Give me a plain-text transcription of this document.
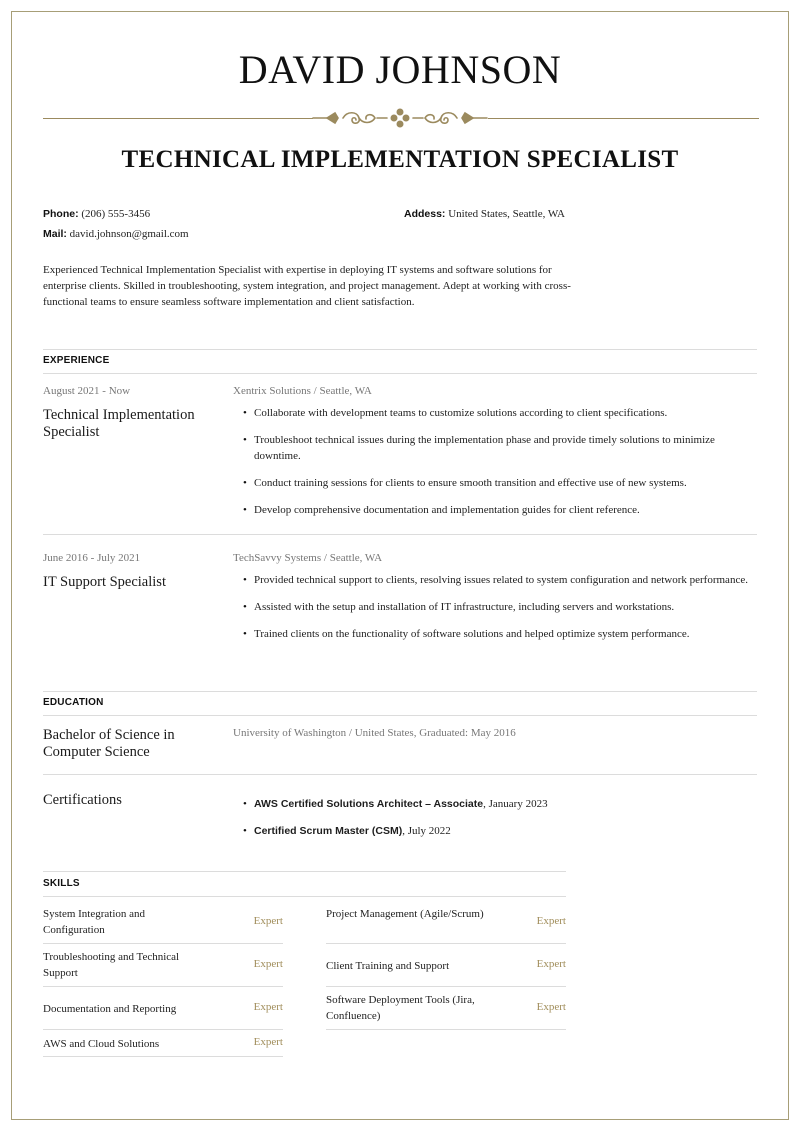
DAVID JOHNSON
TECHNICAL IMPLEMENTATION SPECIALIST
Phone: (206) 555-3456	Addess: United States, Seattle, WA
Mail: david.johnson@gmail.com

Experienced Technical Implementation Specialist with expertise in deploying IT systems and software solutions for enterprise clients. Skilled in troubleshooting, system integration, and project management. Adept at working with cross-functional teams to ensure seamless software implementation and client satisfaction.

EXPERIENCE
August 2021 - Now	Xentrix Solutions / Seattle, WA
Technical Implementation Specialist
• Collaborate with development teams to customize solutions according to client specifications.
• Troubleshoot technical issues during the implementation phase and provide timely solutions to minimize downtime.
• Conduct training sessions for clients to ensure smooth transition and effective use of new systems.
• Develop comprehensive documentation and implementation guides for client reference.
June 2016 - July 2021	TechSavvy Systems / Seattle, WA
IT Support Specialist	• Provided technical support to clients, resolving issues related to system configuration and network performance.
• Assisted with the setup and installation of IT infrastructure, including servers and workstations.
• Trained clients on the functionality of software solutions and helped optimize system performance.
EDUCATION
Bachelor of Science in Computer Science
University of Washington / United States, Graduated: May 2016
Certifications	• AWS Certified Solutions Architect – Associate, January 2023
• Certified Scrum Master (CSM), July 2022
SKILLS
System Integration and Configuration
Expert
Troubleshooting and Technical Support
Expert
Documentation and Reporting	Expert
AWS and Cloud Solutions	Expert
Project Management (Agile/Scrum)
Expert
Client Training and Support	Expert
Software Deployment Tools (Jira, Confluence)
Expert
